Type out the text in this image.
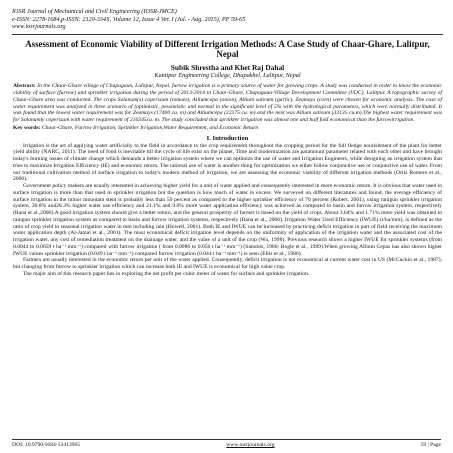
IOSR Journal of Mechanical and Civil Engineering (IOSR-JMCE)
e-ISSN: 2278-1684,p-ISSN: 2320-334X, Volume 12, Issue 4 Ver. I (Jul. - Aug. 2015), PP 59-65
www.iosrjournals.org
Assessment of Economic Viability of Different Irrigation Methods: A Case Study of Chaar-Ghare, Lalitpur, Nepal
Subik Shrestha and Khet Raj Dahal
Kantipur Engineering College, Dhapakhel, Lalitpur, Nepal
Abstract: In the Chaar-Ghare village of Chapagaun, Lalitpur, Nepal, furrow irrigation is a primary source of water for growing crops. A study was conducted in order to know the economic viability of surface (furrow) and sprinkler irrigation during the period of 2013-2014 in Chaar-Ghare, Chapagaun-Village Development Committee (VDC), Lalitpur. A topographic survey of Chaar-Ghare area was conducted. The crops Solanum(s) coperisum (tomato), Alliumcepa (onion), Allium sativum (garlic), Zeamays (corn) were chosen for economic analysis. The case of water requirement was analyzed in three scenario of (optimistic, pessimistic and normal in the significant level of 5% with the hydrological parameters, which were normally distributed. It was found that the lowest water requirement was for Zeamays (17400 cu. m) and Alliumcepa (22375 cu. m) and the next was Allium sativum (33135 cu.m).The highest water requirement was for Solanumly coperisum with water requirement of 210345cu. m. The study concluded that sprinkler irrigation was almost one and half fold economical than the furrowirrigation.
Key words: Chaar-Ghare, Furrow Irrigation, Sprinkler Irrigation,Water Requirement, and Economic Return
I. Introduction

Irrigation is the art of applying water artificially to the field in accordance to the crop requirement throughout the cropping period for the full fledge nourishment of the plant for better yield ability (NARC, 2011). The need of food is inevitable till the cycle of life exist on the planet. Time and modernization are paramount parameter related with each other and have brought today's burning issues of climate change which demands a better irrigation system where we can optimize the use of water and Irrigation Engineers, while designing an irrigation system that tries to maximize Irrigation Efficiency (IE) and economic return. The rational use of water is another thing for optimization we either follow conjunctive use or conjunctive use of water. From our traditional cultivation method of surface irrigation to today's modern method of irrigation, we are assessing the economic viability of different irrigation methods (Ortiz Romero et al., 2006).

Government policy makers are usually interested in achieving higher yield for a unit of water applied and consequently interested in more economic return. It is obvious that water used in surface irrigation is more than that used in sprinkler irrigation but the question is how much of water in excess. We surveyed on different literatures and found, the average efficiency of surface irrigation in the minor mountain stent is probably less than 50 percent as compared to the higher sprinkler efficiency of 70 percent (Robert, 2001), using ranigun sprinkler irrigation system, 30.8% and28.3% higher water use efficiency and 21.1% and 9.0% more water application efficiency was achieved as compared to basin and furrow irrigation system, respectively (Rana et al.,2006).A good irrigation system should give a better return, and the general prosperity of farmer is based on the yield of crops. About 3.64% and 1.71% more yield was obtained in raingun sprinkler irrigation system as compared to basin and furrow irrigation systems, respectively (Rana et al., 2006). Irrigation Water Used Efficiency (IWUE) (t/ha/mm), is defined as the ratio of crop yield to seasonal irrigation water in mm including rain (Howell, 2001). Both IE and IWUE can be increased by practicing deficit irrigation in part of field receiving the maximum water application depth (Al-Jamal et al., 2001). The most economical deficit irrigation level depends on the uniformity of application of the irrigation water and the associated cost of the irrigation water, any cost of remediation treatment on the drainage water, and the value of a unit of the crop (Wu, 1998). Previous research shows a higher IWUE for sprinkler systems (from 0.0044 to 0.0659 t ha⁻¹ mm⁻¹) compared with furrow irrigation ( from 0.0086 to 0.056 t ha⁻¹ mm⁻¹) (Sammis, 1980; Bogle et al., 1989).When growing Allium Cepas has also shown higher IWUE values sprinkler irrigation (0.049 t ha⁻¹ mm⁻¹) compared furrow irrigation (0.044 t ha⁻¹ mm⁻¹) is seen (Ellis et al., 1986).

Farmers are usually interested in the economic return per unit of the water applied. Consequently, deficit irrigation is not economical at current water cost in US (McCuckin et al., 1987), but changing from furrow to sprinkler irrigation which can increase both IE and IWUE is economical for high value crop.

The major aim of this research paper lies in exploring the net profit per cubic meter of water for surface and sprinkler irrigation.

DOI: 10.9790/1684-12413965	www.iosrjournals.org	59 | Page
